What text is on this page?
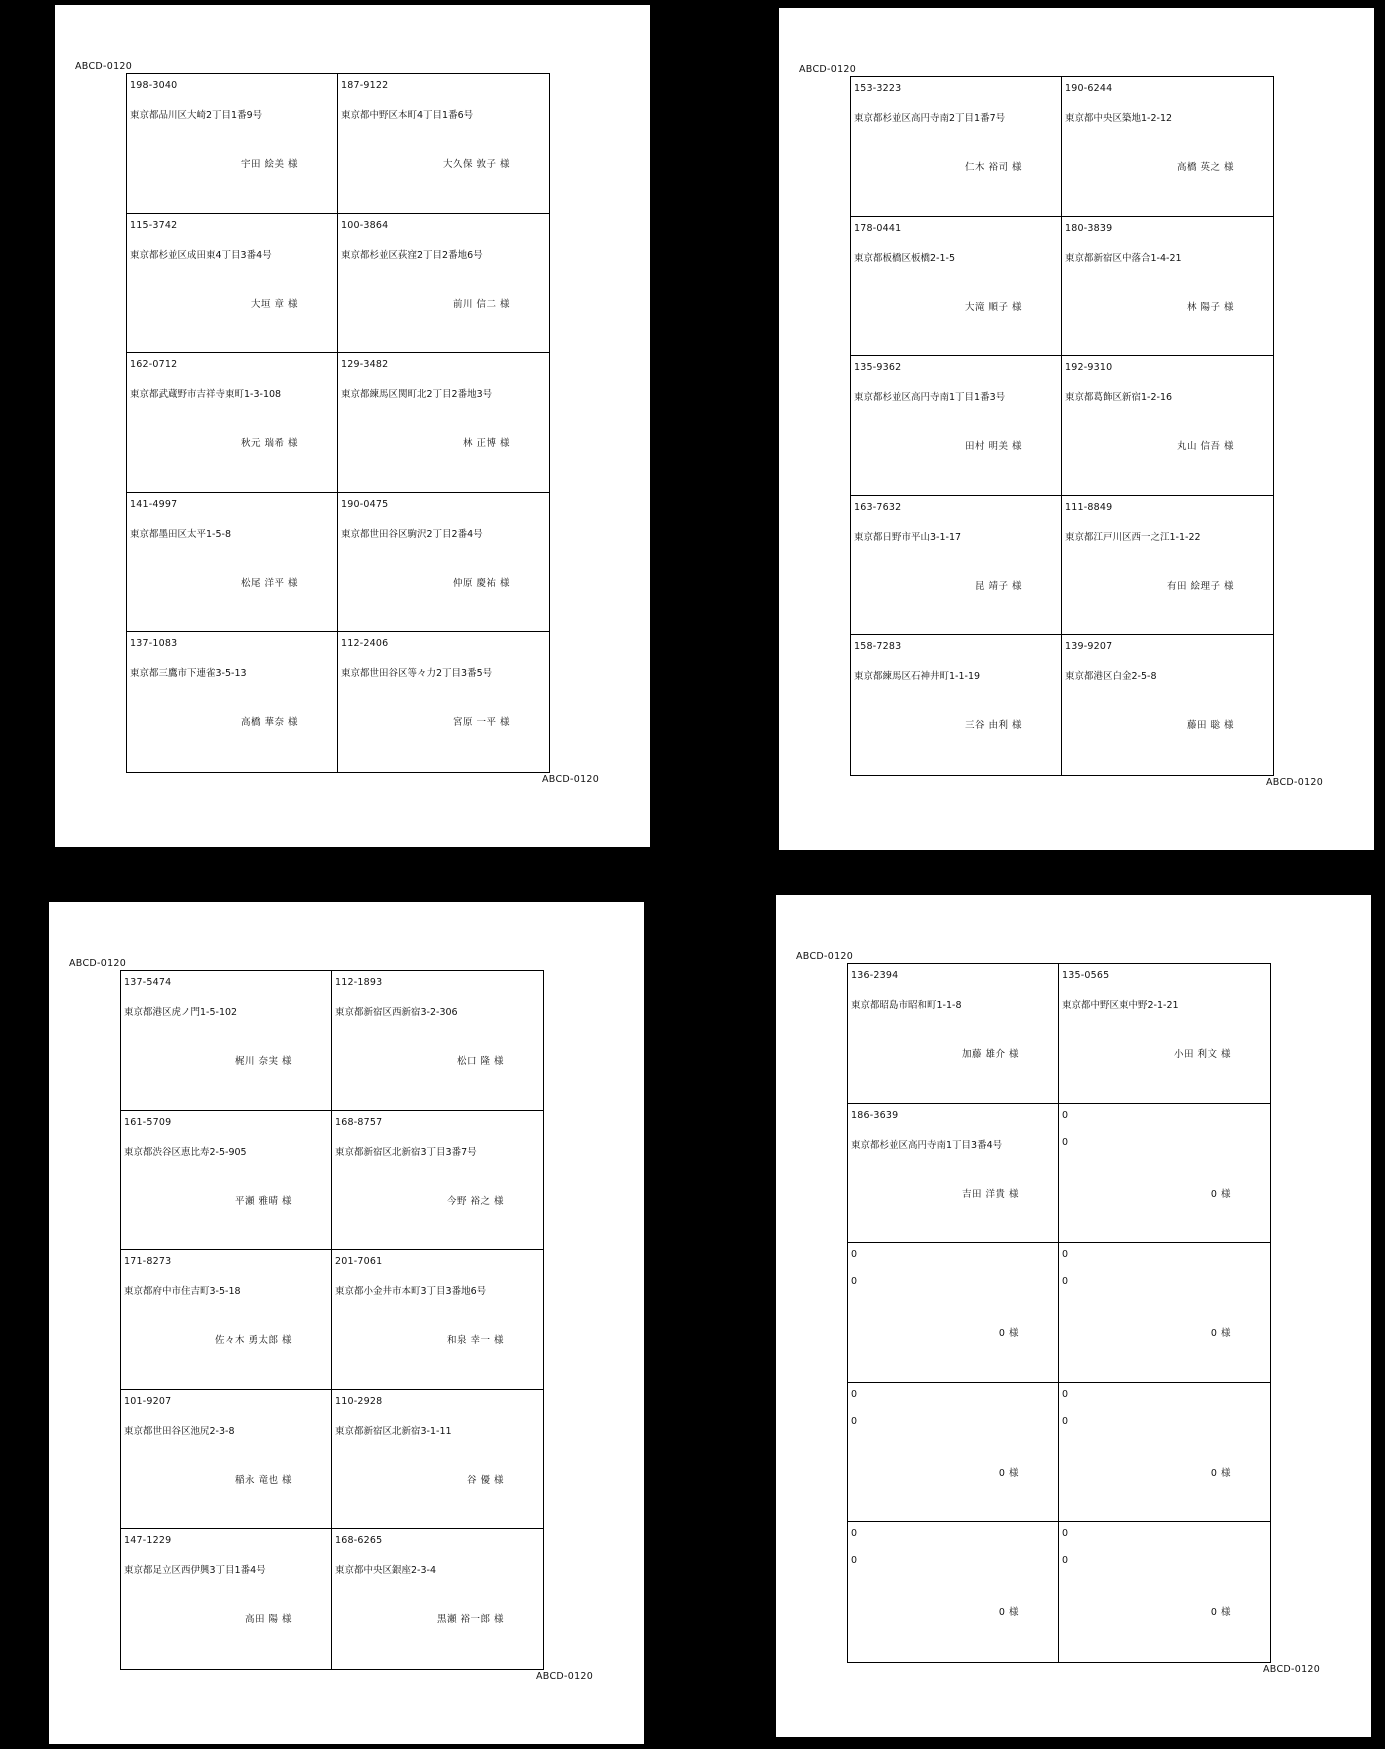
ABCD-0120
198-3040
東京都品川区大崎2丁目1番9号
宇田 絵美 様
187-9122
東京都中野区本町4丁目1番6号
大久保 敦子 様
115-3742
東京都杉並区成田東4丁目3番4号
大垣 章 様
100-3864
東京都杉並区荻窪2丁目2番地6号
前川 信二 様
162-0712
東京都武蔵野市吉祥寺東町1-3-108
秋元 瑞希 様
129-3482
東京都練馬区関町北2丁目2番地3号
林 正博 様
141-4997
東京都墨田区太平1-5-8
松尾 洋平 様
190-0475
東京都世田谷区駒沢2丁目2番4号
仲原 慶祐 様
137-1083
東京都三鷹市下連雀3-5-13
高橋 華奈 様
112-2406
東京都世田谷区等々力2丁目3番5号
宮原 一平 様
ABCD-0120
ABCD-0120
153-3223
東京都杉並区高円寺南2丁目1番7号
仁木 裕司 様
190-6244
東京都中央区築地1-2-12
高橋 英之 様
178-0441
東京都板橋区板橋2-1-5
大滝 順子 様
180-3839
東京都新宿区中落合1-4-21
林 陽子 様
135-9362
東京都杉並区高円寺南1丁目1番3号
田村 明美 様
192-9310
東京都葛飾区新宿1-2-16
丸山 信吾 様
163-7632
東京都日野市平山3-1-17
昆 靖子 様
111-8849
東京都江戸川区西一之江1-1-22
有田 絵理子 様
158-7283
東京都練馬区石神井町1-1-19
三谷 由利 様
139-9207
東京都港区白金2-5-8
藤田 聡 様
ABCD-0120
ABCD-0120
137-5474
東京都港区虎ノ門1-5-102
梶川 奈実 様
112-1893
東京都新宿区西新宿3-2-306
松口 隆 様
161-5709
東京都渋谷区恵比寿2-5-905
平瀬 雅晴 様
168-8757
東京都新宿区北新宿3丁目3番7号
今野 裕之 様
171-8273
東京都府中市住吉町3-5-18
佐々木 勇太郎 様
201-7061
東京都小金井市本町3丁目3番地6号
和泉 幸一 様
101-9207
東京都世田谷区池尻2-3-8
稲永 竜也 様
110-2928
東京都新宿区北新宿3-1-11
谷 優 様
147-1229
東京都足立区西伊興3丁目1番4号
高田 陽 様
168-6265
東京都中央区銀座2-3-4
黒瀬 裕一郎 様
ABCD-0120
ABCD-0120
136-2394
東京都昭島市昭和町1-1-8
加藤 雄介 様
135-0565
東京都中野区東中野2-1-21
小田 利文 様
186-3639
東京都杉並区高円寺南1丁目3番4号
吉田 洋貴 様
0
0
0 様
0
0
0 様
0
0
0 様
0
0
0 様
0
0
0 様
0
0
0 様
0
0
0 様
ABCD-0120
